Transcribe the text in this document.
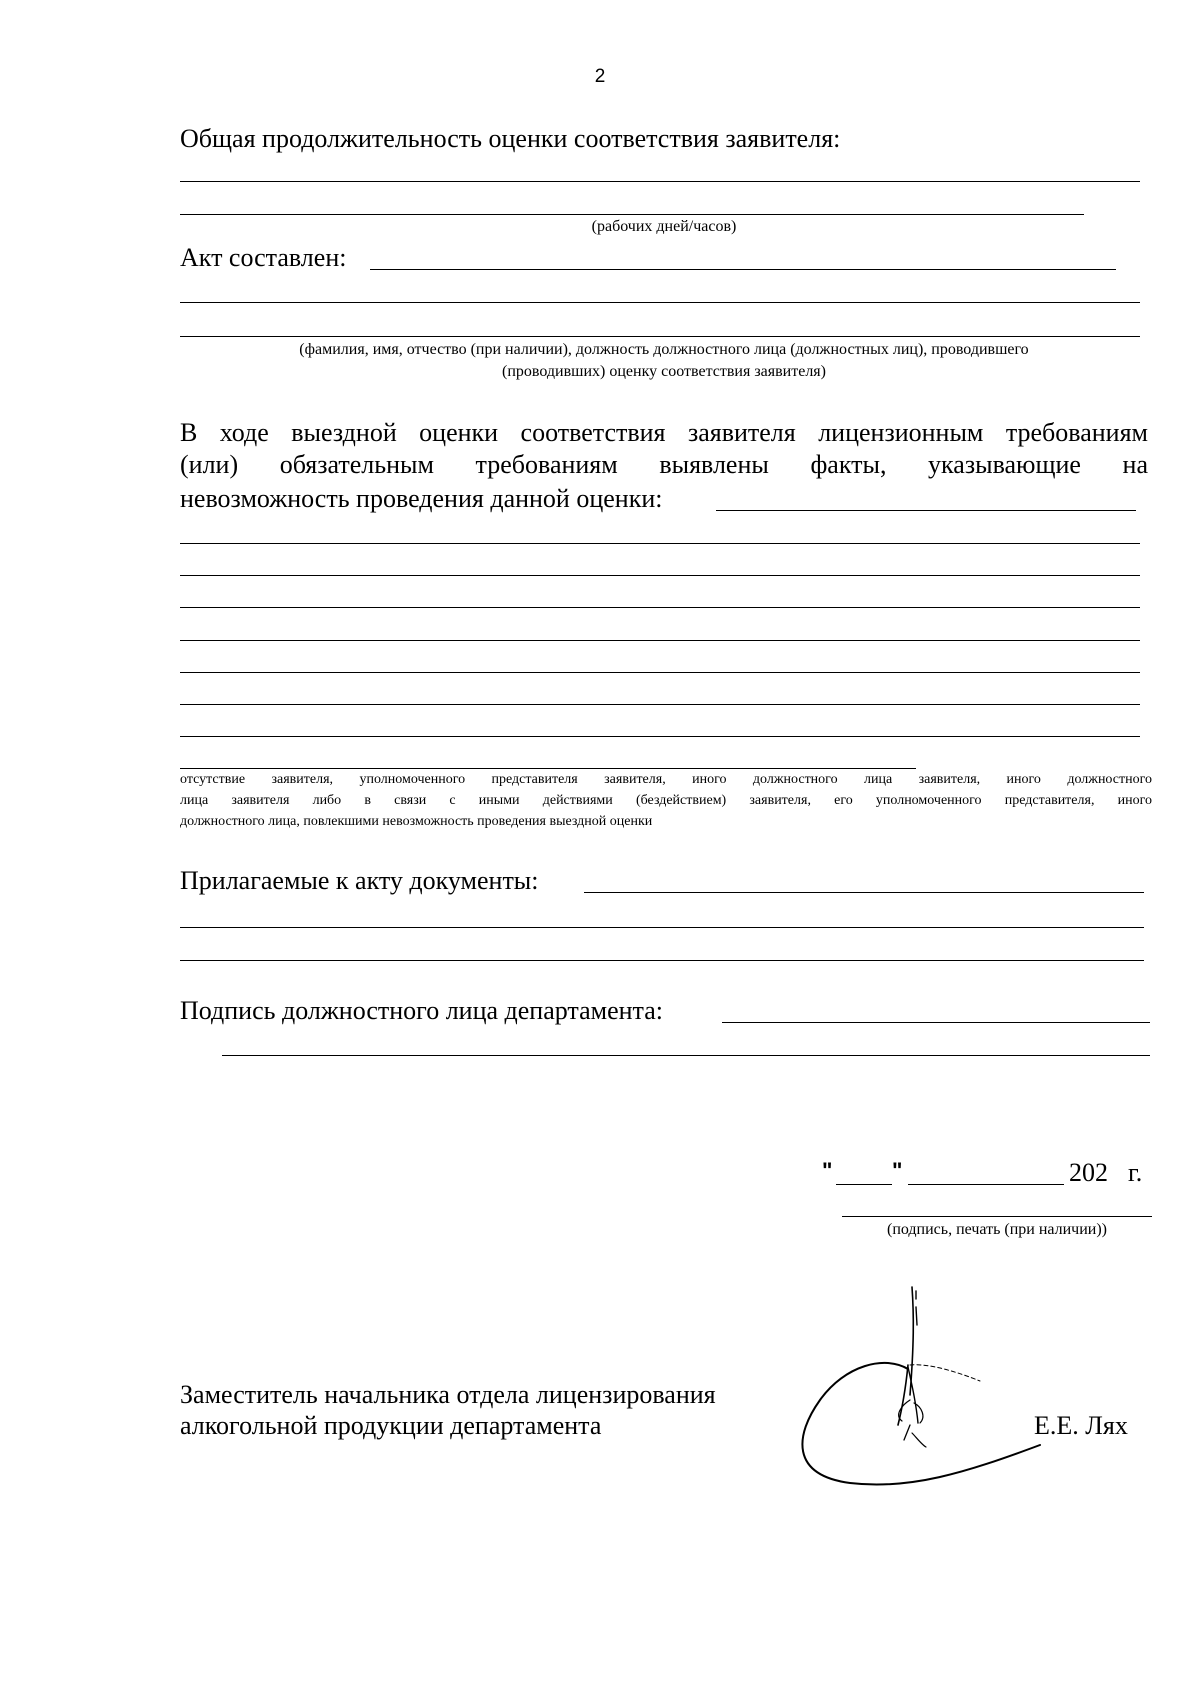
2
Общая продолжительность оценки соответствия заявителя:
(рабочих дней/часов)
Акт составлен:
(фамилия, имя, отчество (при наличии), должность должностного лица (должностных лиц), проводившего
(проводивших) оценку соответствия заявителя)
В ходе выездной оценки соответствия заявителя лицензионным требованиям
(или) обязательным требованиям выявлены факты, указывающие на
невозможность проведения данной оценки:
отсутствие заявителя, уполномоченного представителя заявителя, иного должностного лица заявителя, иного должностного
лица заявителя либо в связи с иными действиями (бездействием) заявителя, его уполномоченного представителя, иного
должностного лица, повлекшими невозможность проведения выездной оценки
Прилагаемые к акту документы:
Подпись должностного лица департамента:
"	"	202 г.
(подпись, печать (при наличии))
Заместитель начальника отдела лицензирования
алкогольной продукции департамента	Е.Е. Лях
